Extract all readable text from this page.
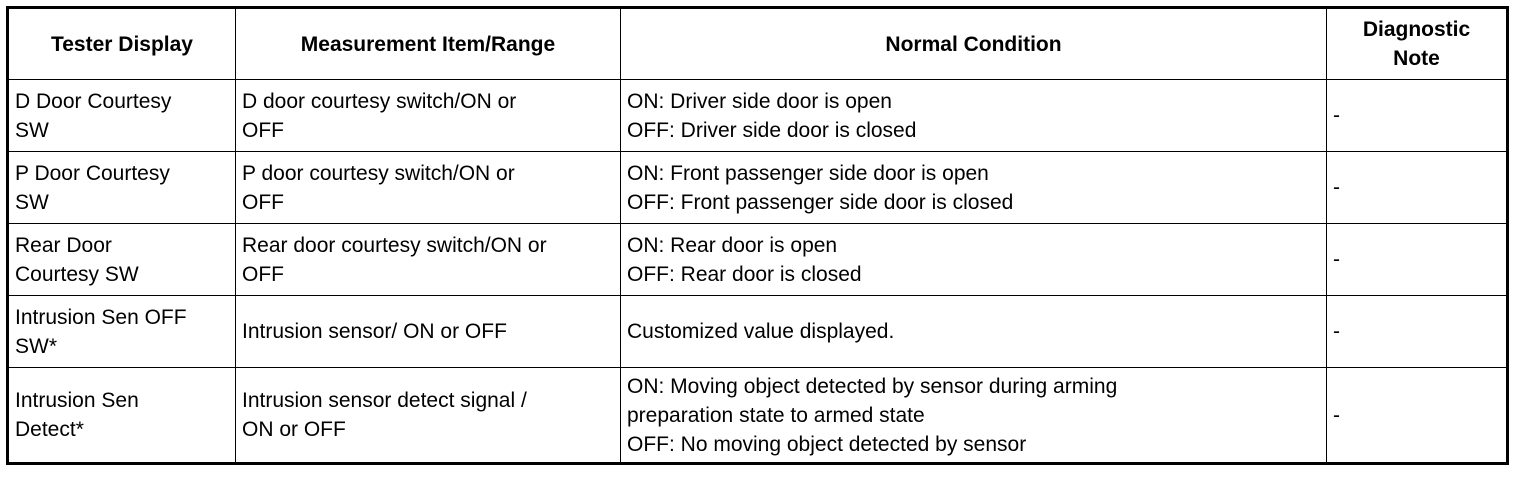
Tester Display	Measurement Item/Range	Normal Condition	Diagnostic
Note
D Door Courtesy
SW	D door courtesy switch/ON or
OFF	ON: Driver side door is open
OFF: Driver side door is closed	-
P Door Courtesy
SW	P door courtesy switch/ON or
OFF	ON: Front passenger side door is open
OFF: Front passenger side door is closed	-
Rear Door
Courtesy SW	Rear door courtesy switch/ON or
OFF	ON: Rear door is open
OFF: Rear door is closed	-
Intrusion Sen OFF
SW*	Intrusion sensor/ ON or OFF	Customized value displayed.	-
Intrusion Sen
Detect*	Intrusion sensor detect signal /
ON or OFF	ON: Moving object detected by sensor during arming
preparation state to armed state
OFF: No moving object detected by sensor	-
